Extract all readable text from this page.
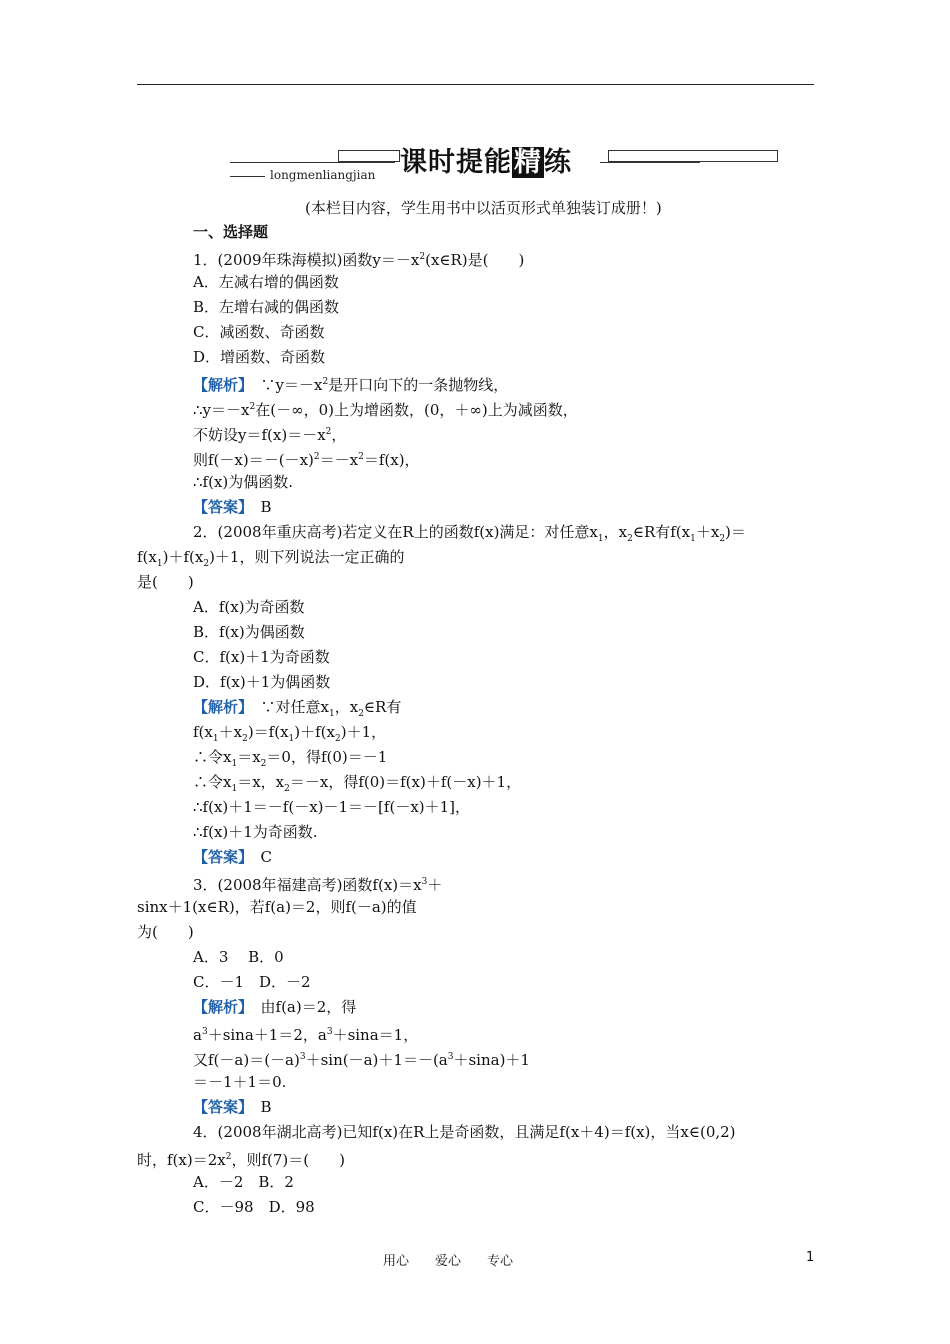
课时提能精练
longmenliangjian
(本栏目内容，学生用书中以活页形式单独装订成册！)
一、选择题
1．(2009年珠海模拟)函数$y=-x^2(x\in R)$是(　　)
A．左减右增的偶函数
B．左增右减的偶函数
C．减函数、奇函数
D．增函数、奇函数
【解析】　$\because y=-x^2$是开口向下的一条抛物线，
$\therefore y=-x^2$在(－∞，0)上为增函数，(0，＋∞)上为减函数，
不妨设$y=f(x)=-x^2$，
则$f(-x)=-(-x)^2=-x^2=f(x)$，
∴f(x)为偶函数.
【答案】　B
2．(2008年重庆高考)若定义在R上的函数f(x)满足：对任意$x_1$，$x_2\in R$有$f(x_1+x_2)=$
$f(x_1)+f(x_2)+1$，则下列说法一定正确的
是(　　)
A．f(x)为奇函数
B．f(x)为偶函数
C．f(x)＋1为奇函数
D．f(x)＋1为偶函数
【解析】　∵对任意$x_1$，$x_2\in R$有
$f(x_1+x_2)=f(x_1)+f(x_2)+1$，
∴令$x_1=x_2=0$，得f(0)＝－1
∴令$x_1=x$，$x_2=-x$，得f(0)＝f(x)＋f(－x)＋1，
∴f(x)＋1＝－f(－x)－1＝－[f(－x)＋1]，
∴f(x)＋1为奇函数.
【答案】　C
3．(2008年福建高考)函数$f(x)=x^3+$
sinx＋1(x∈R)，若f(a)＝2，则f(－a)的值
为(　　)
A．3　 B．0
C．－1　D．－2
【解析】　由f(a)＝2，得
$a^3+\sin a+1=2$，$a^3+\sin a=1$，
又$f(-a)=(-a)^3+\sin(-a)+1=-(a^3+\sin a)+1$
＝－1＋1＝0.
【答案】　B
4．(2008年湖北高考)已知f(x)在R上是奇函数，且满足f(x＋4)＝f(x)，当x∈(0,2)
时，$f(x)=2x^2$，则f(7)＝(　　)
A．－2　B．2
C．－98　D．98
用心　　爱心　　专心	1
